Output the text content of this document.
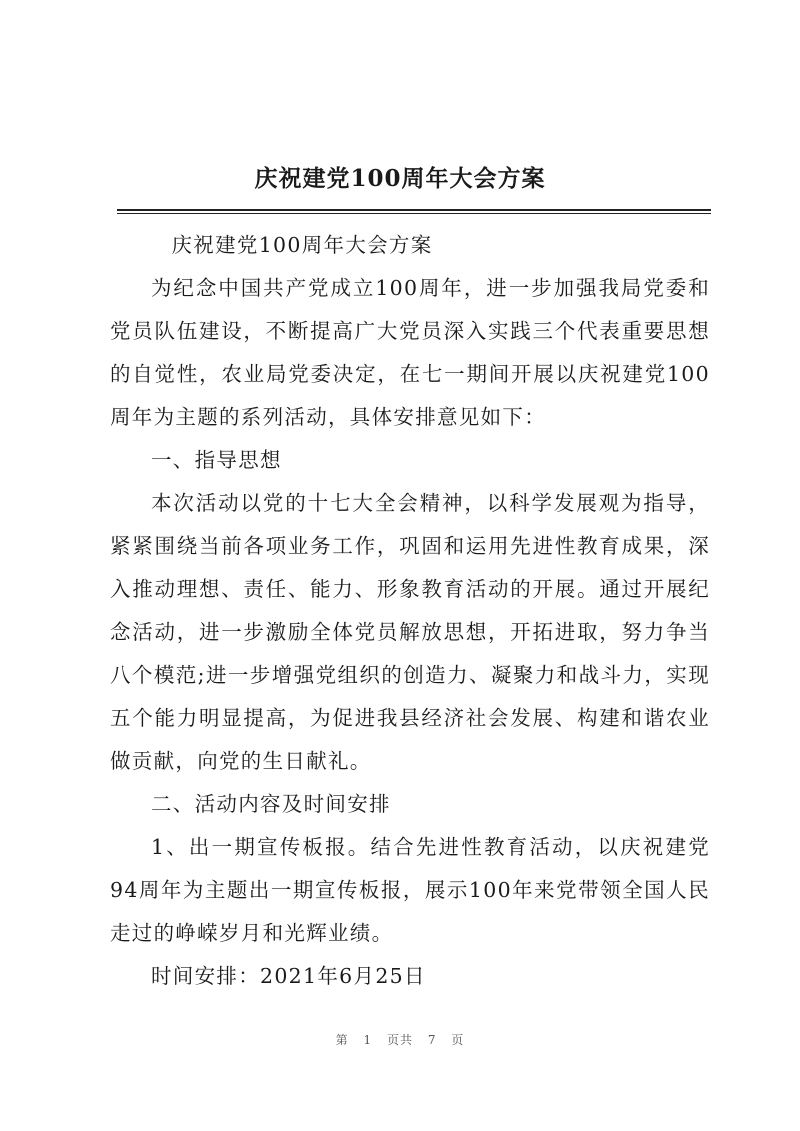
庆祝建党100周年大会方案

庆祝建党100周年大会方案

为纪念中国共产党成立100周年，进一步加强我局党委和党员队伍建设，不断提高广大党员深入实践三个代表重要思想的自觉性，农业局党委决定，在七一期间开展以庆祝建党100周年为主题的系列活动，具体安排意见如下：

一、指导思想

本次活动以党的十七大全会精神，以科学发展观为指导，紧紧围绕当前各项业务工作，巩固和运用先进性教育成果，深入推动理想、责任、能力、形象教育活动的开展。通过开展纪念活动，进一步激励全体党员解放思想，开拓进取，努力争当八个模范;进一步增强党组织的创造力、凝聚力和战斗力，实现五个能力明显提高，为促进我县经济社会发展、构建和谐农业做贡献，向党的生日献礼。

二、活动内容及时间安排

1、出一期宣传板报。结合先进性教育活动，以庆祝建党94周年为主题出一期宣传板报，展示100年来党带领全国人民走过的峥嵘岁月和光辉业绩。

时间安排：2021年6月25日

第 1 页共 7 页
